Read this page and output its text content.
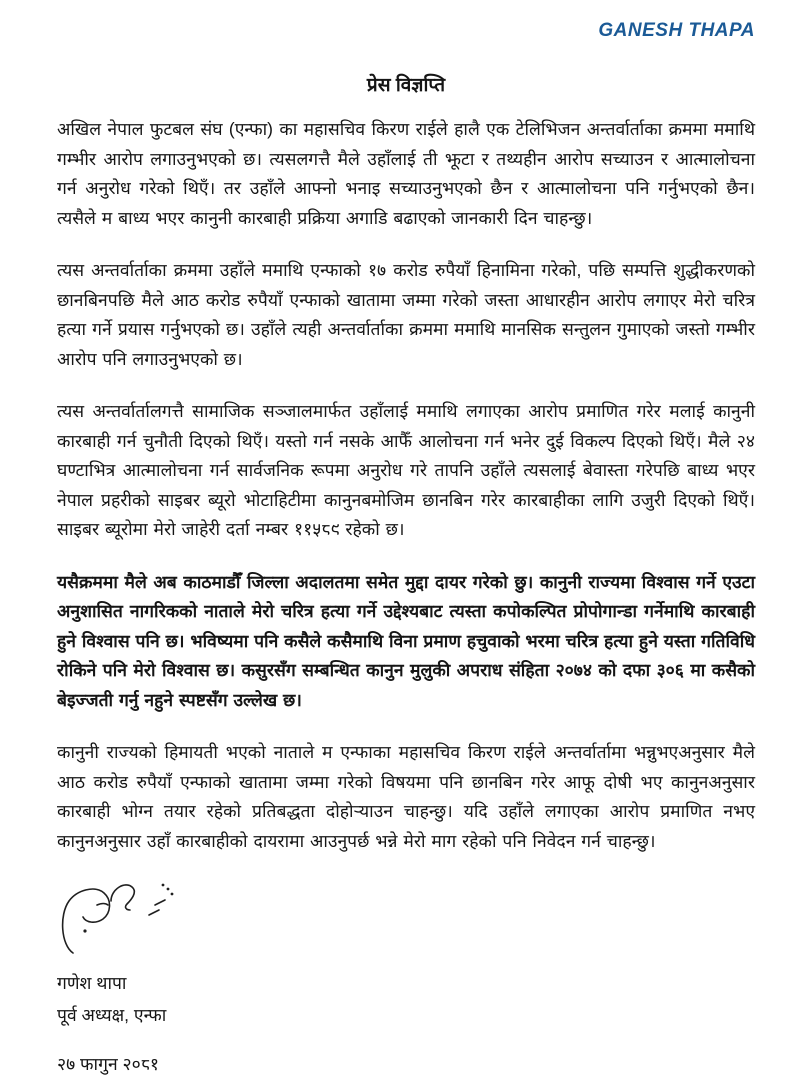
GANESH THAPA
प्रेस विज्ञप्ति

अखिल नेपाल फुटबल संघ (एन्फा) का महासचिव किरण राईले हालै एक टेलिभिजन अन्तर्वार्ताका क्रममा ममाथि गम्भीर आरोप लगाउनुभएको छ। त्यसलगत्तै मैले उहाँलाई ती झूटा र तथ्यहीन आरोप सच्याउन र आत्मालोचना गर्न अनुरोध गरेको थिएँ। तर उहाँले आफ्नो भनाइ सच्याउनुभएको छैन र आत्मालोचना पनि गर्नुभएको छैन। त्यसैले म बाध्य भएर कानुनी कारबाही प्रक्रिया अगाडि बढाएको जानकारी दिन चाहन्छु।

त्यस अन्तर्वार्ताका क्रममा उहाँले ममाथि एन्फाको १७ करोड रुपैयाँ हिनामिना गरेको, पछि सम्पत्ति शुद्धीकरणको छानबिनपछि मैले आठ करोड रुपैयाँ एन्फाको खातामा जम्मा गरेको जस्ता आधारहीन आरोप लगाएर मेरो चरित्र हत्या गर्ने प्रयास गर्नुभएको छ। उहाँले त्यही अन्तर्वार्ताका क्रममा ममाथि मानसिक सन्तुलन गुमाएको जस्तो गम्भीर आरोप पनि लगाउनुभएको छ।

त्यस अन्तर्वार्तालगत्तै सामाजिक सञ्जालमार्फत उहाँलाई ममाथि लगाएका आरोप प्रमाणित गरेर मलाई कानुनी कारबाही गर्न चुनौती दिएको थिएँ। यस्तो गर्न नसके आफैँ आलोचना गर्न भनेर दुई विकल्प दिएको थिएँ। मैले २४ घण्टाभित्र आत्मालोचना गर्न सार्वजनिक रूपमा अनुरोध गरे तापनि उहाँले त्यसलाई बेवास्ता गरेपछि बाध्य भएर नेपाल प्रहरीको साइबर ब्यूरो भोटाहिटीमा कानुनबमोजिम छानबिन गरेर कारबाहीका लागि उजुरी दिएको थिएँ। साइबर ब्यूरोमा मेरो जाहेरी दर्ता नम्बर ११५८९ रहेको छ।

यसैक्रममा मैले अब काठमाडौँ जिल्ला अदालतमा समेत मुद्दा दायर गरेको छु। कानुनी राज्यमा विश्वास गर्ने एउटा अनुशासित नागरिकको नाताले मेरो चरित्र हत्या गर्ने उद्देश्यबाट त्यस्ता कपोकल्पित प्रोपोगान्डा गर्नेमाथि कारबाही हुने विश्वास पनि छ। भविष्यमा पनि कसैले कसैमाथि विना प्रमाण हचुवाको भरमा चरित्र हत्या हुने यस्ता गतिविधि रोकिने पनि मेरो विश्वास छ। कसुरसँग सम्बन्धित कानुन मुलुकी अपराध संहिता २०७४ को दफा ३०६ मा कसैको बेइज्जती गर्नु नहुने स्पष्टसँग उल्लेख छ।

कानुनी राज्यको हिमायती भएको नाताले म एन्फाका महासचिव किरण राईले अन्तर्वार्तामा भन्नुभएअनुसार मैले आठ करोड रुपैयाँ एन्फाको खातामा जम्मा गरेको विषयमा पनि छानबिन गरेर आफू दोषी भए कानुनअनुसार कारबाही भोग्न तयार रहेको प्रतिबद्धता दोहोऱ्याउन चाहन्छु। यदि उहाँले लगाएका आरोप प्रमाणित नभए कानुनअनुसार उहाँ कारबाहीको दायरामा आउनुपर्छ भन्ने मेरो माग रहेको पनि निवेदन गर्न चाहन्छु।

गणेश थापा
पूर्व अध्यक्ष, एन्फा
२७ फागुन २०८१
